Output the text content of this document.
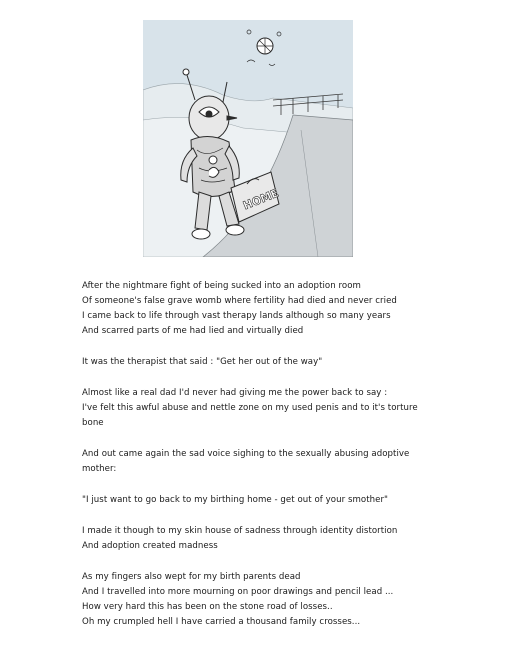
HOME
After the nightmare fight of being sucked into an adoption room
Of someone's false grave womb where fertility had died and never cried
I came back to life through vast therapy lands although so many years
And scarred parts of me had lied and virtually died
It was the therapist that said : "Get her out of the way"
Almost like a real dad I'd never had giving me the power back to say :
I've felt this awful abuse and nettle zone on my used penis and to it's torture
bone
And out came again the sad voice sighing to the sexually abusing adoptive
mother:
"I just want to go back to my birthing home - get out of your smother"
I made it though to my skin house of sadness through identity distortion
And adoption created madness
As my fingers also wept for my birth parents dead
And I travelled into more mourning on poor drawings and pencil lead ...
How very hard this has been on the stone road of losses..
Oh my crumpled hell I have carried a thousand family crosses...
